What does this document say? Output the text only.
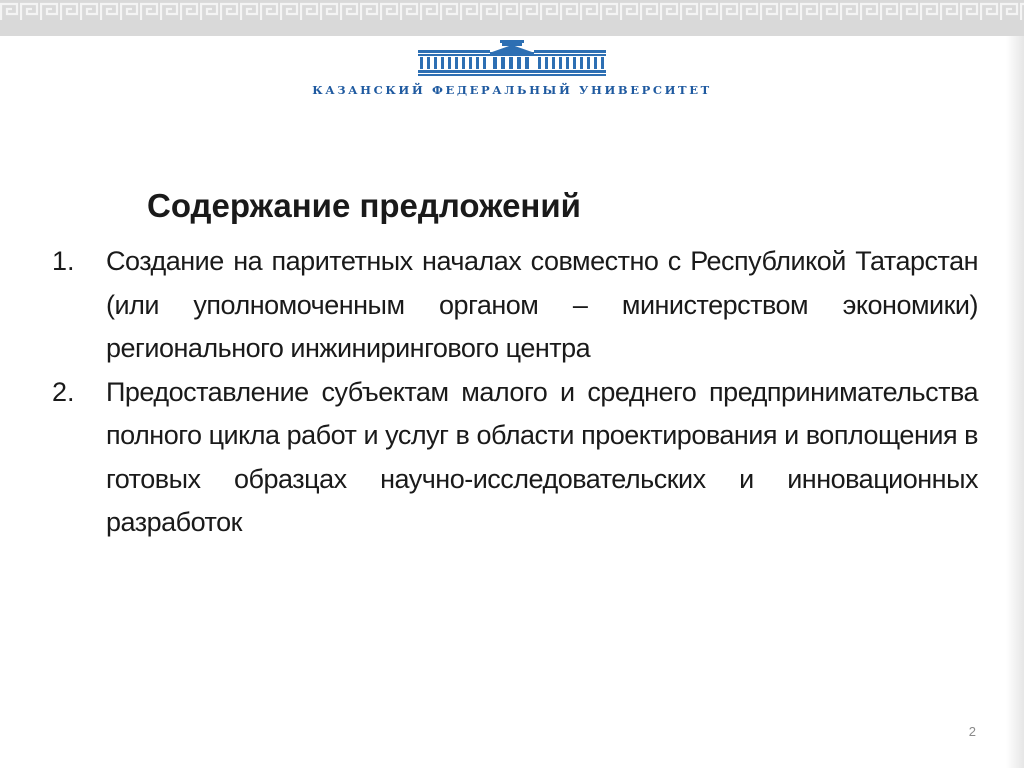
КАЗАНСКИЙ ФЕДЕРАЛЬНЫЙ УНИВЕРСИТЕТ
Содержание предложений
1. Создание на паритетных началах совместно с Республикой Татарстан (или уполномоченным органом – министерством экономики) регионального инжинирингового центра

2. Предоставление субъектам малого и среднего предпринимательства полного цикла работ и услуг в области проектирования и воплощения в готовых образцах научно-исследовательских и инновационных разработок

2
